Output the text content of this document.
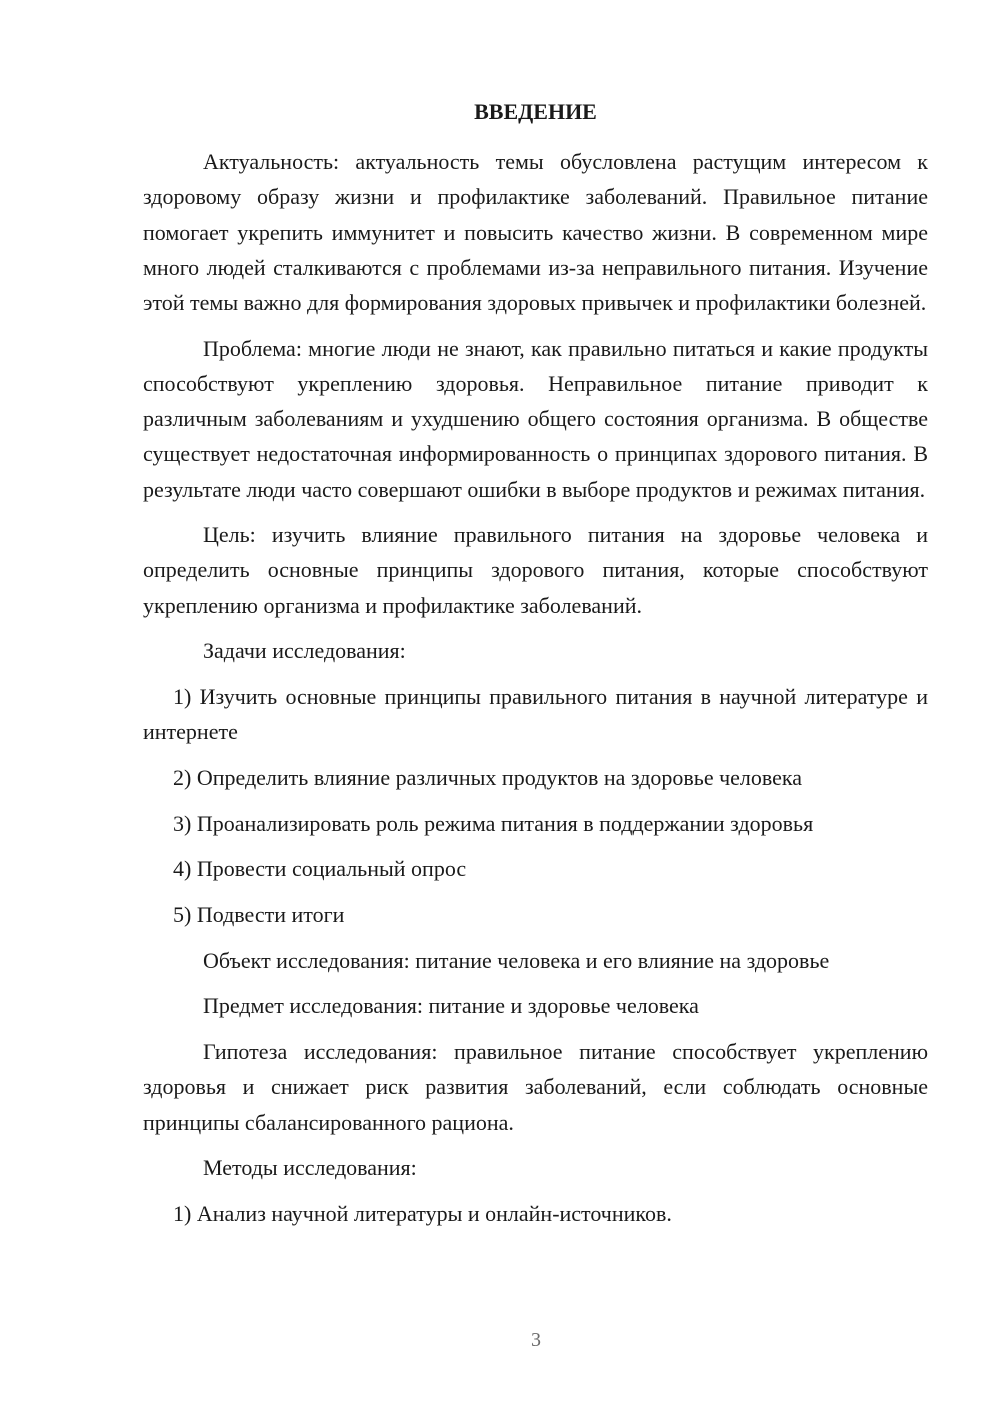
ВВЕДЕНИЕ

Актуальность: актуальность темы обусловлена растущим интересом к здоровому образу жизни и профилактике заболеваний. Правильное питание помогает укрепить иммунитет и повысить качество жизни. В современном мире много людей сталкиваются с проблемами из-за неправильного питания. Изучение этой темы важно для формирования здоровых привычек и профилактики болезней.

Проблема: многие люди не знают, как правильно питаться и какие продукты способствуют укреплению здоровья. Неправильное питание приводит к различным заболеваниям и ухудшению общего состояния организма. В обществе существует недостаточная информированность о принципах здорового питания. В результате люди часто совершают ошибки в выборе продуктов и режимах питания.

Цель: изучить влияние правильного питания на здоровье человека и определить основные принципы здорового питания, которые способствуют укреплению организма и профилактике заболеваний.

Задачи исследования:

1) Изучить основные принципы правильного питания в научной литературе и интернете

2) Определить влияние различных продуктов на здоровье человека

3) Проанализировать роль режима питания в поддержании здоровья

4) Провести социальный опрос

5) Подвести итоги

Объект исследования: питание человека и его влияние на здоровье

Предмет исследования: питание и здоровье человека

Гипотеза исследования: правильное питание способствует укреплению здоровья и снижает риск развития заболеваний, если соблюдать основные принципы сбалансированного рациона.

Методы исследования:

1) Анализ научной литературы и онлайн-источников.

3
